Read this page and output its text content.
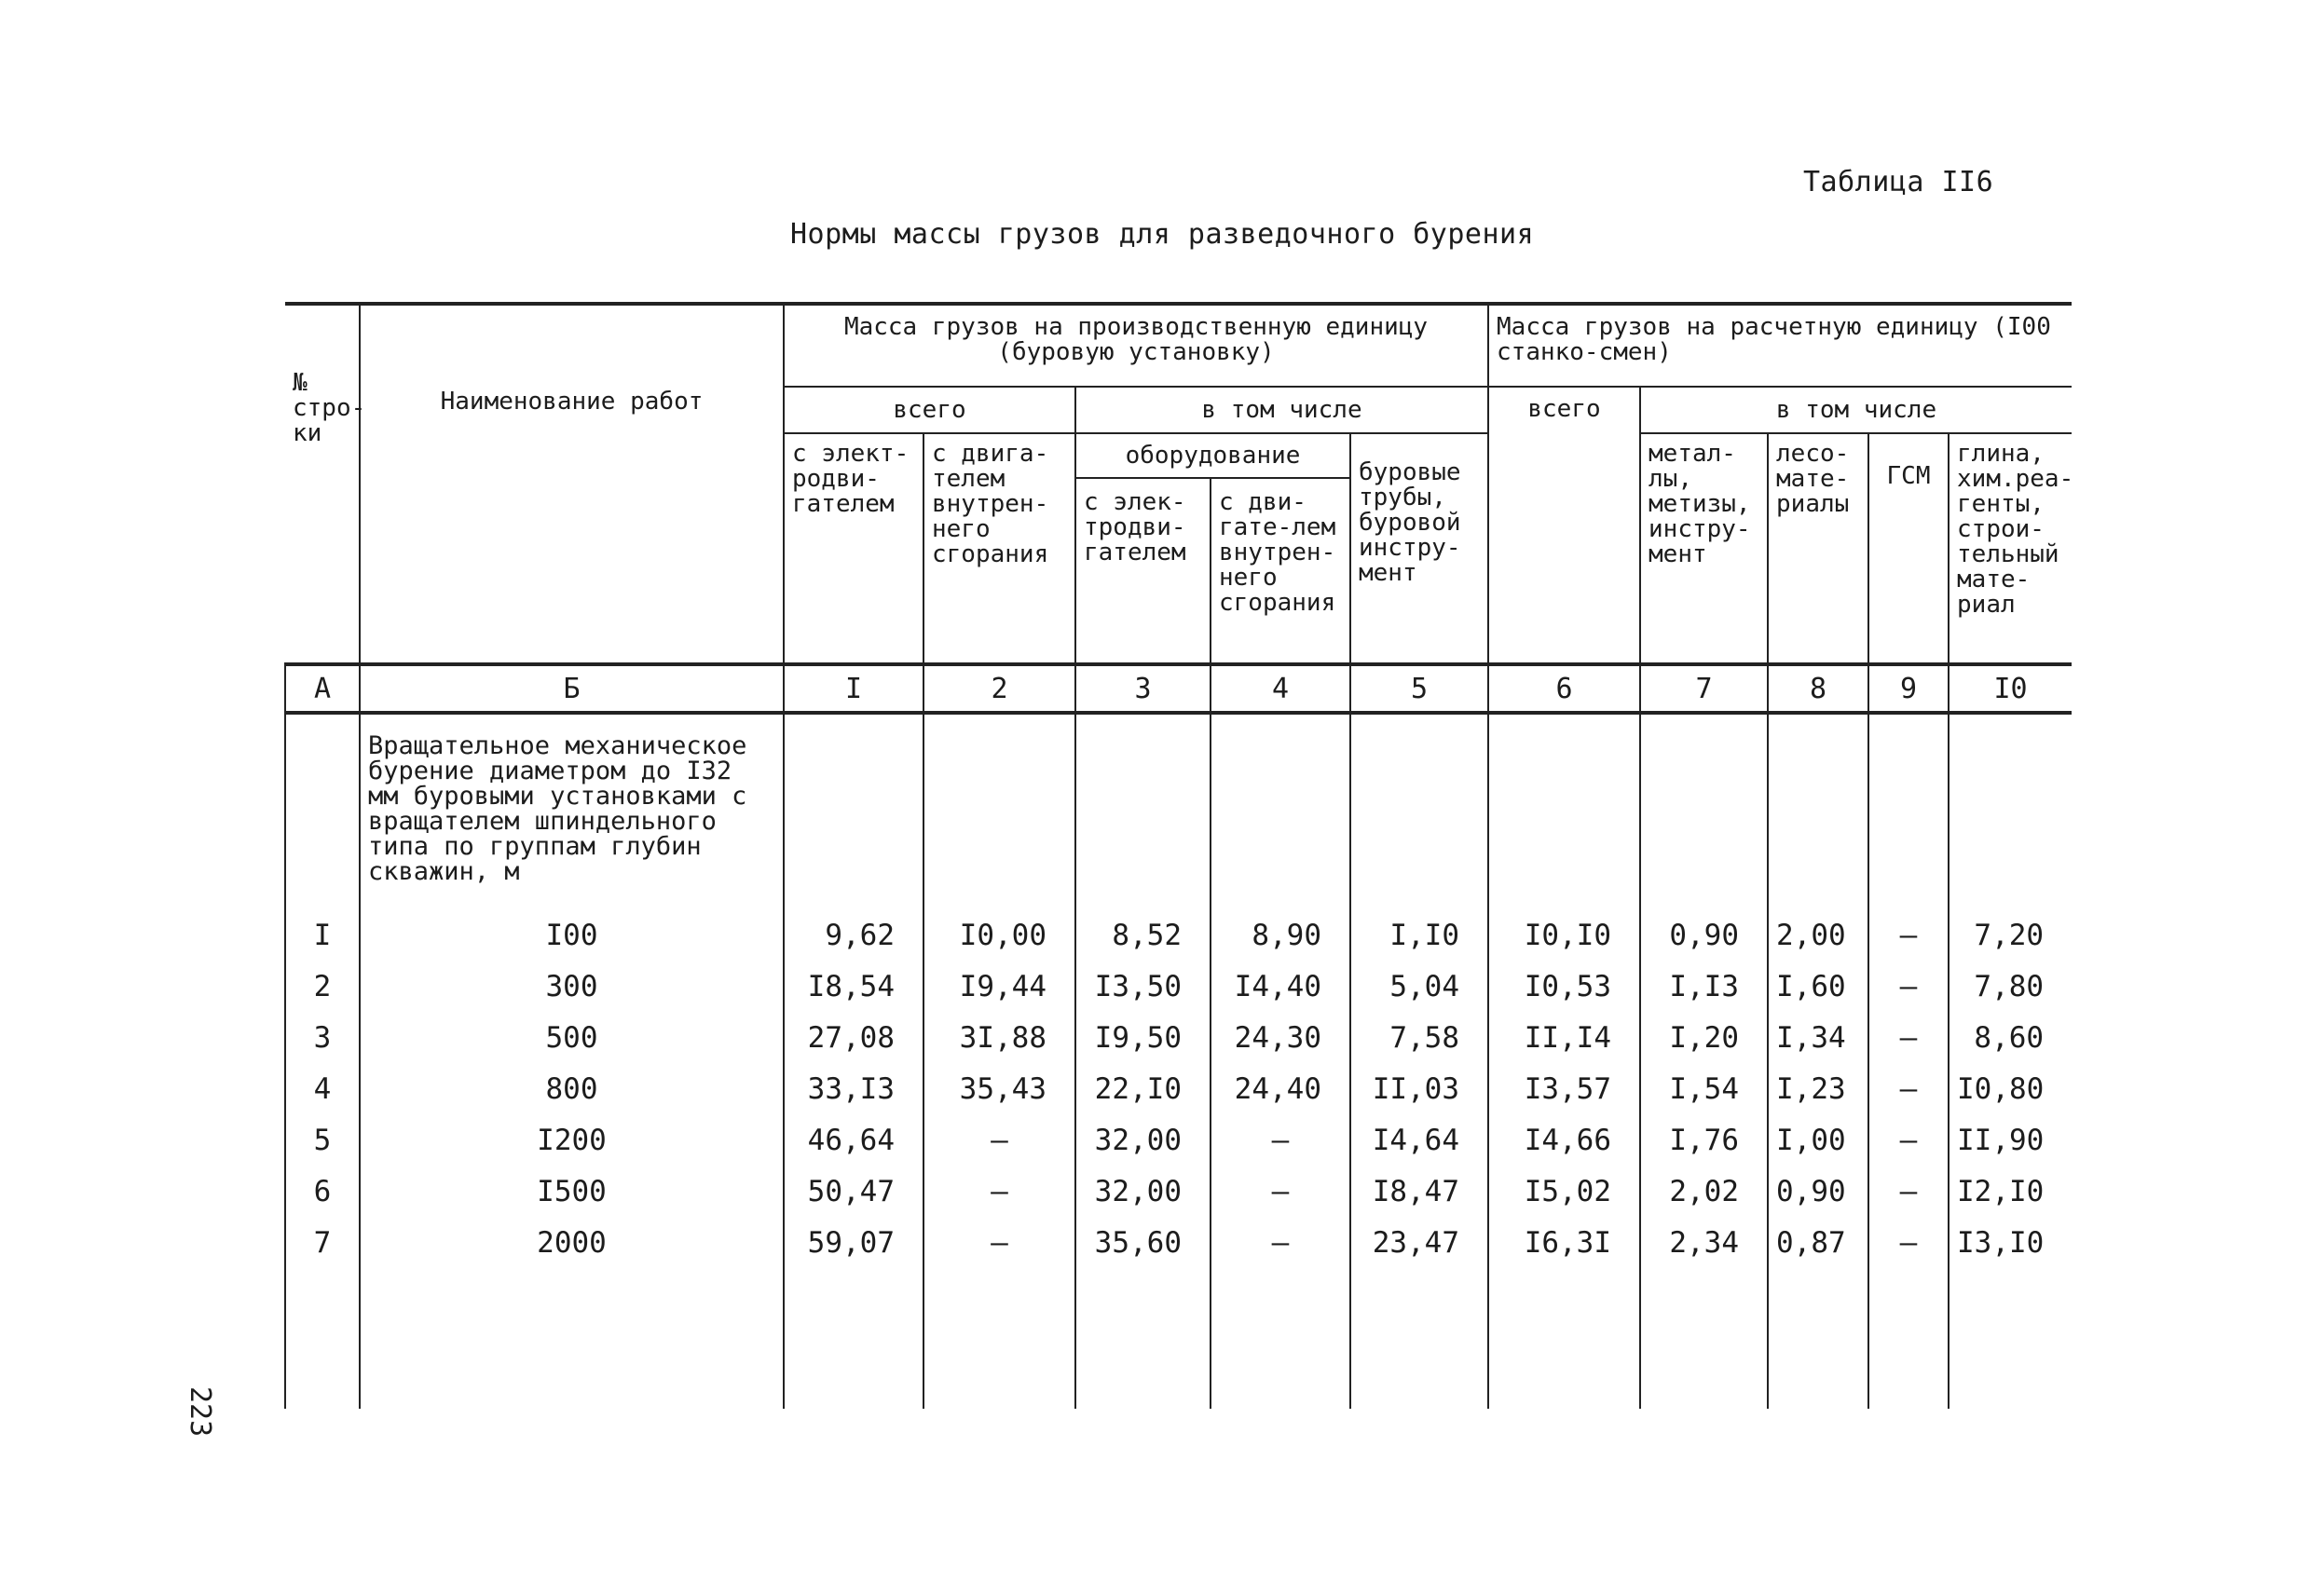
Таблица II6
Нормы массы грузов для разведочного бурения
223
№ стро-ки	Наименование работ	Масса грузов на производственную единицу (буровую установку)					Масса грузов на расчетную единицу (I00 станко-смен)				
		всего		в том числе			всего	в том числе			
		с элект-родви-гателем	с двига-телем внутрен-него сгорания	оборудование		буровые трубы, буровой инстру-мент		метал-лы, метизы, инстру-мент	лесо-мате-риалы	ГСМ	глина, хим.реа-генты, строи-тельный мате-риал
				с элек-тродви-гателем	с дви-гате-лем внутрен-него сгорания						
А	Б	I	2	3	4	5	6	7	8	9	I0
	Вращательное механическое бурение диаметром до I32 мм буровыми установками с вращателем шпиндельного типа по группам глубин скважин, м										
I	I00	9,62	I0,00	8,52	8,90	I,I0	I0,I0	0,90	2,00	–	7,20
2	300	I8,54	I9,44	I3,50	I4,40	5,04	I0,53	I,I3	I,60	–	7,80
3	500	27,08	3I,88	I9,50	24,30	7,58	II,I4	I,20	I,34	–	8,60
4	800	33,I3	35,43	22,I0	24,40	II,03	I3,57	I,54	I,23	–	I0,80
5	I200	46,64	–	32,00	–	I4,64	I4,66	I,76	I,00	–	II,90
6	I500	50,47	–	32,00	–	I8,47	I5,02	2,02	0,90	–	I2,I0
7	2000	59,07	–	35,60	–	23,47	I6,3I	2,34	0,87	–	I3,I0
